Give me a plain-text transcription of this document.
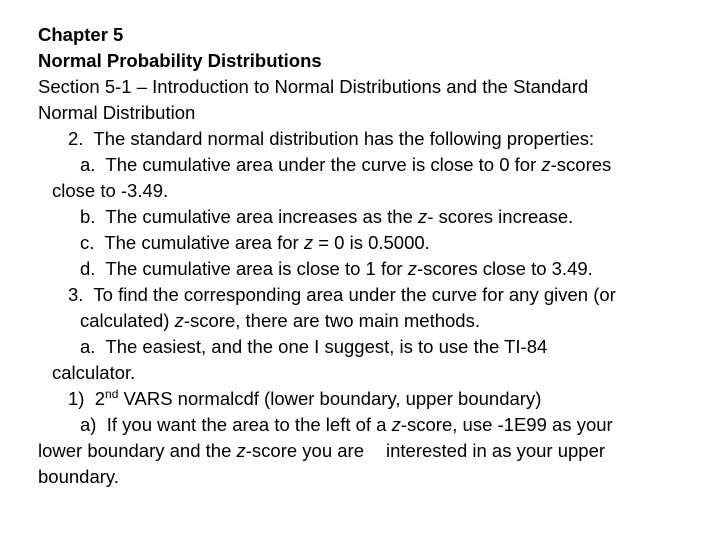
Chapter 5

Normal Probability Distributions

Section 5-1 – Introduction to Normal Distributions and the Standard

Normal Distribution

2. The standard normal distribution has the following properties:

a. The cumulative area under the curve is close to 0 for z-scores

close to -3.49.

b. The cumulative area increases as the z- scores increase.

c. The cumulative area for z = 0 is 0.5000.

d. The cumulative area is close to 1 for z-scores close to 3.49.

3. To find the corresponding area under the curve for any given (or

calculated) z-score, there are two main methods.

a. The easiest, and the one I suggest, is to use the TI-84

calculator.

1) 2nd VARS normalcdf (lower boundary, upper boundary)

a) If you want the area to the left of a z-score, use -1E99 as your

lower boundary and the z-score you are interested in as your upper

boundary.
